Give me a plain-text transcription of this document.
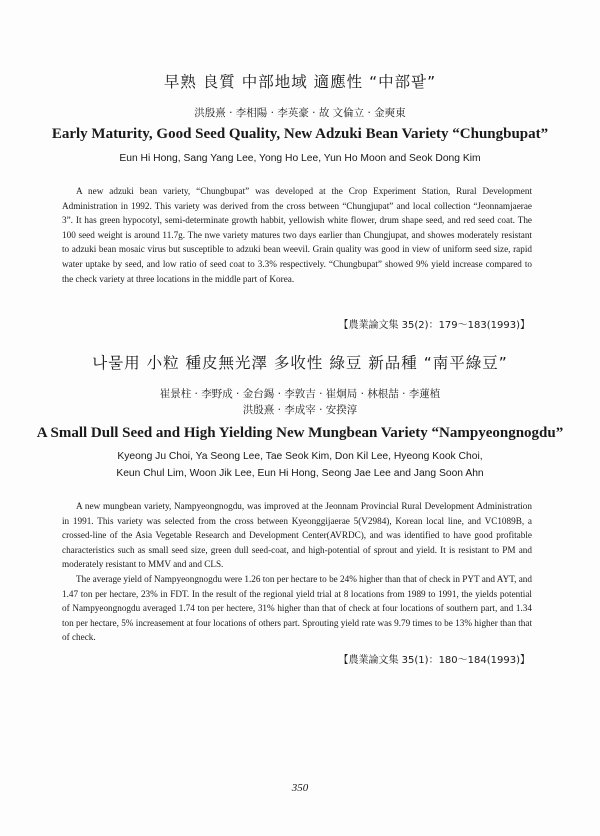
早熟 良質 中部地域 適應性 “中部팥”
洪殷熹 · 李相陽 · 李英豪 · 故 文倫立 · 金奭東
Early Maturity, Good Seed Quality, New Adzuki Bean Variety “Chungbupat”
Eun Hi Hong, Sang Yang Lee, Yong Ho Lee, Yun Ho Moon and Seok Dong Kim

A new adzuki bean variety, “Chungbupat” was developed at the Crop Experiment Station, Rural Development Administration in 1992. This variety was derived from the cross between “Chungjupat” and local collection “Jeonnamjaerae 3”. It has green hypocotyl, semi-determinate growth habbit, yellowish white flower, drum shape seed, and red seed coat. The 100 seed weight is around 11.7g. The nwe variety matures two days earlier than Chungjupat, and showes moderately resistant to adzuki bean mosaic virus but susceptible to adzuki bean weevil. Grain quality was good in view of uniform seed size, rapid water uptake by seed, and low ratio of seed coat to 3.3% respectively. “Chungbupat” showed 9% yield increase compared to the check variety at three locations in the middle part of Korea.

【農業論文集 35(2)：179～183(1993)】
나물用 小粒 種皮無光澤 多收性 綠豆 新品種 “南平綠豆”
崔景柱 · 李野成 · 金台錫 · 李敦吉 · 崔炯局 · 林根喆 · 李蓮植
洪殷熹 · 李成宰 · 安揆淳
A Small Dull Seed and High Yielding New Mungbean Variety “Nampyeongnogdu”
Kyeong Ju Choi, Ya Seong Lee, Tae Seok Kim, Don Kil Lee, Hyeong Kook Choi,
Keun Chul Lim, Woon Jik Lee, Eun Hi Hong, Seong Jae Lee and Jang Soon Ahn

A new mungbean variety, Nampyeongnogdu, was improved at the Jeonnam Provincial Rural Development Administration in 1991. This variety was selected from the cross between Kyeonggijaerae 5(V2984), Korean local line, and VC1089B, a crossed-line of the Asia Vegetable Research and Development Center(AVRDC), and was identified to have good profitable characteristics such as small seed size, green dull seed-coat, and high-potential of sprout and yield. It is resistant to PM and moderately resistant to MMV and and CLS.

The average yield of Nampyeongnogdu were 1.26 ton per hectare to be 24% higher than that of check in PYT and AYT, and 1.47 ton per hectare, 23% in FDT. In the result of the regional yield trial at 8 locations from 1989 to 1991, the yields potential of Nampyeongnogdu averaged 1.74 ton per hectere, 31% higher than that of check at four locations of southern part, and 1.34 ton per hectare, 5% increasement at four locations of others part. Sprouting yield rate was 9.79 times to be 13% higher than that of check.

【農業論文集 35(1)：180～184(1993)】
350
